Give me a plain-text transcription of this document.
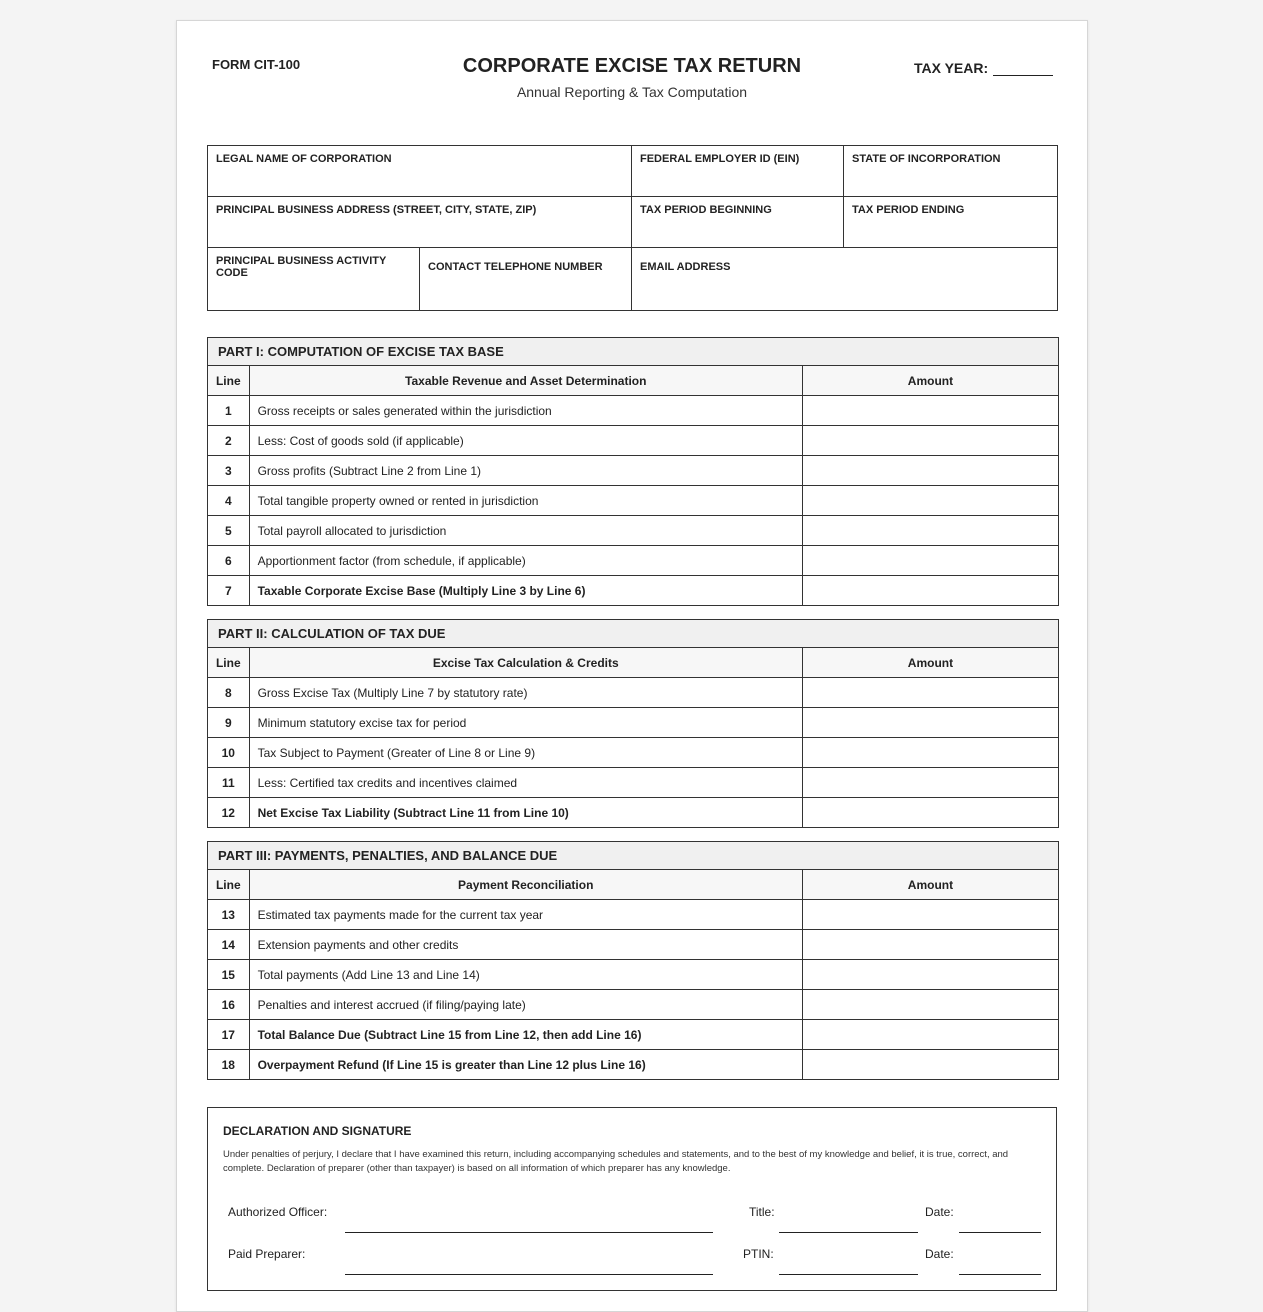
FORM CIT-100	CORPORATE EXCISE TAX RETURN
Annual Reporting & Tax Computation
TAX YEAR:
LEGAL NAME OF CORPORATION		FEDERAL EMPLOYER ID (EIN)	STATE OF INCORPORATION
PRINCIPAL BUSINESS ADDRESS (STREET, CITY, STATE, ZIP)		TAX PERIOD BEGINNING	TAX PERIOD ENDING
PRINCIPAL BUSINESS ACTIVITY CODE	CONTACT TELEPHONE NUMBER	EMAIL ADDRESS	
PART I: COMPUTATION OF EXCISE TAX BASE
Line	Taxable Revenue and Asset Determination	Amount
1	Gross receipts or sales generated within the jurisdiction	
2	Less: Cost of goods sold (if applicable)	
3	Gross profits (Subtract Line 2 from Line 1)	
4	Total tangible property owned or rented in jurisdiction	
5	Total payroll allocated to jurisdiction	
6	Apportionment factor (from schedule, if applicable)	
7	Taxable Corporate Excise Base (Multiply Line 3 by Line 6)	
PART II: CALCULATION OF TAX DUE
Line	Excise Tax Calculation & Credits	Amount
8	Gross Excise Tax (Multiply Line 7 by statutory rate)	
9	Minimum statutory excise tax for period	
10	Tax Subject to Payment (Greater of Line 8 or Line 9)	
11	Less: Certified tax credits and incentives claimed	
12	Net Excise Tax Liability (Subtract Line 11 from Line 10)	
PART III: PAYMENTS, PENALTIES, AND BALANCE DUE
Line	Payment Reconciliation	Amount
13	Estimated tax payments made for the current tax year	
14	Extension payments and other credits	
15	Total payments (Add Line 13 and Line 14)	
16	Penalties and interest accrued (if filing/paying late)	
17	Total Balance Due (Subtract Line 15 from Line 12, then add Line 16)	
18	Overpayment Refund (If Line 15 is greater than Line 12 plus Line 16)	
DECLARATION AND SIGNATURE
Under penalties of perjury, I declare that I have examined this return, including accompanying schedules and statements, and to the best of my knowledge and belief, it is true, correct, and complete. Declaration of preparer (other than taxpayer) is based on all information of which preparer has any knowledge.
Authorized Officer:	Title:	Date:
Paid Preparer:	PTIN:	Date:
